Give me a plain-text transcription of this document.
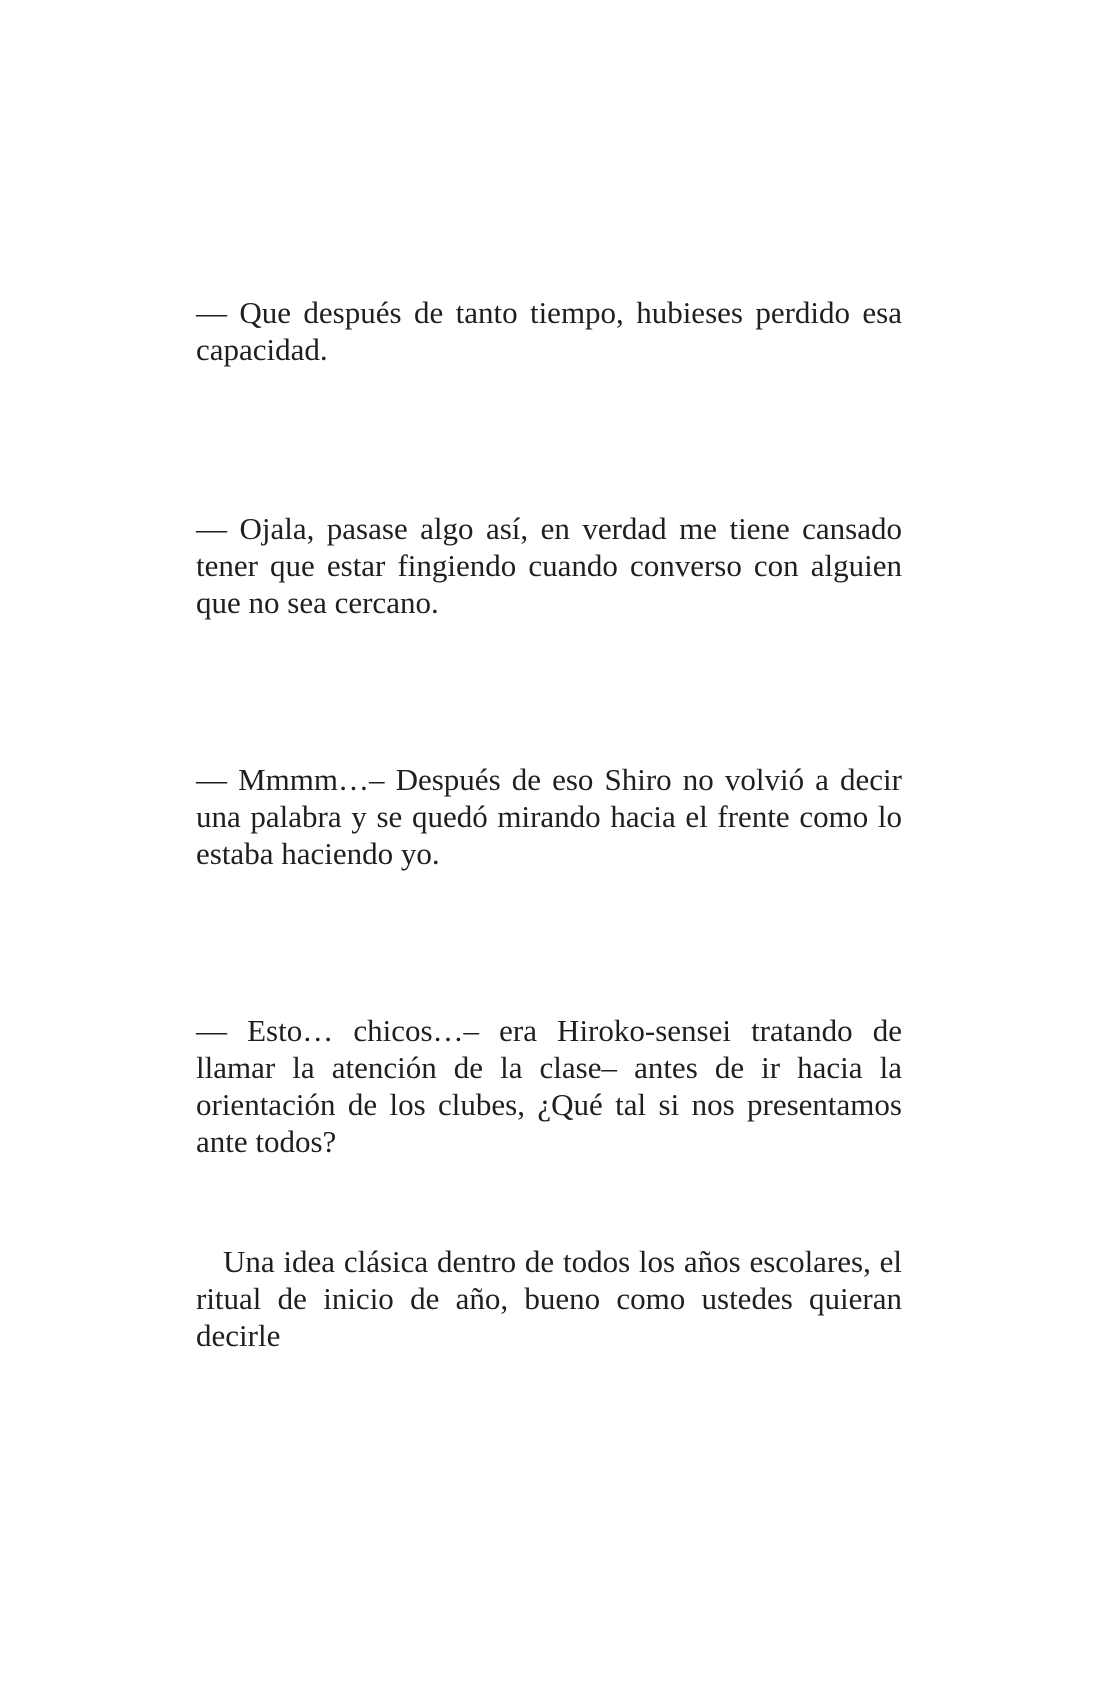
— Que después de tanto tiempo, hubieses perdido esa capacidad.

— Ojala, pasase algo así, en verdad me tiene cansado tener que estar fingiendo cuando converso con alguien que no sea cercano.

— Mmmm…– Después de eso Shiro no volvió a decir una palabra y se quedó mirando hacia el frente como lo estaba haciendo yo.

— Esto… chicos…– era Hiroko-sensei tratando de llamar la atención de la clase– antes de ir hacia la orientación de los clubes, ¿Qué tal si nos presentamos ante todos?

Una idea clásica dentro de todos los años escolares, el ritual de inicio de año, bueno como ustedes quieran decirle
